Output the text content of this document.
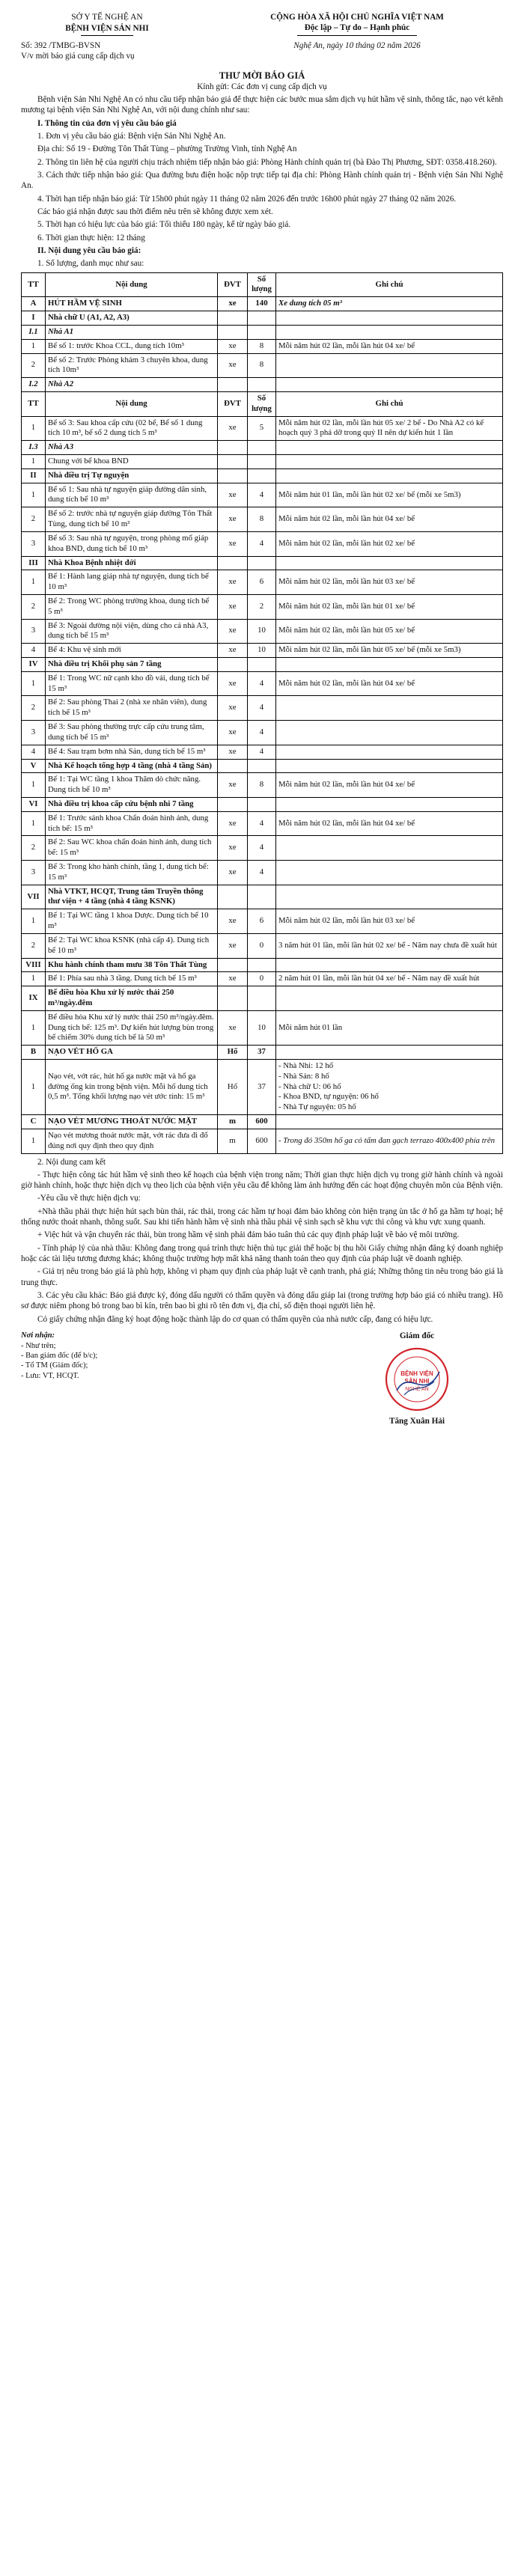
SỞ Y TẾ NGHỆ AN
BỆNH VIỆN SẢN NHI
CỘNG HÒA XÃ HỘI CHỦ NGHĨA VIỆT NAM
Độc lập – Tự do – Hạnh phúc
Số: 392 /TMBG-BVSN
V/v mời báo giá cung cấp dịch vụ
Nghệ An, ngày 10 tháng 02 năm 2026
THƯ MỜI BÁO GIÁ
Kính gửi: Các đơn vị cung cấp dịch vụ

Bệnh viện Sản Nhi Nghệ An có nhu cầu tiếp nhận báo giá để thực hiện các bước mua sắm dịch vụ hút hầm vệ sinh, thông tắc, nạo vét kênh mương tại bệnh viện Sản Nhi Nghệ An, với nội dung chính như sau:

I. Thông tin của đơn vị yêu cầu báo giá

1. Đơn vị yêu cầu báo giá: Bệnh viện Sản Nhi Nghệ An.

Địa chỉ: Số 19 - Đường Tôn Thất Tùng – phường Trường Vinh, tỉnh Nghệ An

2. Thông tin liên hệ của người chịu trách nhiệm tiếp nhận báo giá: Phòng Hành chính quản trị (bà Đào Thị Phương, SĐT: 0358.418.260).

3. Cách thức tiếp nhận báo giá: Qua đường bưu điện hoặc nộp trực tiếp tại địa chỉ: Phòng Hành chính quản trị - Bệnh viện Sản Nhi Nghệ An.

4. Thời hạn tiếp nhận báo giá: Từ 15h00 phút ngày 11 tháng 02 năm 2026 đến trước 16h00 phút ngày 27 tháng 02 năm 2026.

Các báo giá nhận được sau thời điểm nêu trên sẽ không được xem xét.

5. Thời hạn có hiệu lực của báo giá: Tối thiểu 180 ngày, kể từ ngày báo giá.

6. Thời gian thực hiện: 12 tháng

II. Nội dung yêu cầu báo giá:

1. Số lượng, danh mục như sau:

TT	Nội dung	ĐVT	Số lượng	Ghi chú
A	HÚT HẦM VỆ SINH	xe	140	Xe dung tích 05 m³
I	Nhà chữ U (A1, A2, A3)			
I.1	Nhà A1			
1	Bể số 1: trước Khoa CCL, dung tích 10m³	xe	8	Mỗi năm hút 02 lần, mỗi lần hút 04 xe/ bể
2	Bể số 2: Trước Phòng khám 3 chuyên khoa, dung tích 10m³	xe	8	
I.2	Nhà A2			
TT	Nội dung	ĐVT	Số lượng	Ghi chú
1	Bể số 3: Sau khoa cấp cứu (02 bể, Bể số 1 dung tích 10 m³, bể số 2 dung tích 5 m³	xe	5	Mỗi năm hút 02 lần, mỗi lần hút 05 xe/ 2 bể - Do Nhà A2 có kế hoạch quý 3 phá dỡ trong quý II nên dự kiến hút 1 lần
I.3	Nhà A3			
1	Chung với bể khoa BND			
II	Nhà điều trị Tự nguyện			
1	Bể số 1: Sau nhà tự nguyện giáp đường dân sinh, dung tích bể 10 m³	xe	4	Mỗi năm hút 01 lần, mỗi lần hút 02 xe/ bể (mỗi xe 5m3)
2	Bể số 2: trước nhà tự nguyện giáp đường Tôn Thất Tùng, dung tích bể 10 m³	xe	8	Mỗi năm hút 02 lần, mỗi lần hút 04 xe/ bể
3	Bể số 3: Sau nhà tự nguyện, trong phòng mổ giáp khoa BND, dung tích bể 10 m³	xe	4	Mỗi năm hút 02 lần, mỗi lần hút 02 xe/ bể
III	Nhà Khoa Bệnh nhiệt đới			
1	Bể 1: Hành lang giáp nhà tự nguyện, dung tích bể 10 m³	xe	6	Mỗi năm hút 02 lần, mỗi lần hút 03 xe/ bể
2	Bể 2: Trong WC phòng trường khoa, dung tích bể 5 m³	xe	2	Mỗi năm hút 02 lần, mỗi lần hút 01 xe/ bể
3	Bể 3: Ngoài đường nội viện, dùng cho cả nhà A3, dung tích bể 15 m³	xe	10	Mỗi năm hút 02 lần, mỗi lần hút 05 xe/ bể
4	Bể 4: Khu vệ sinh mới	xe	10	Mỗi năm hút 02 lần, mỗi lần hút 05 xe/ bể (mỗi xe 5m3)
IV	Nhà điều trị Khối phụ sản 7 tầng			
1	Bể 1: Trong WC nữ cạnh kho đồ vải, dung tích bể 15 m³	xe	4	Mỗi năm hút 02 lần, mỗi lần hút 04 xe/ bể
2	Bể 2: Sau phòng Thai 2 (nhà xe nhân viên), dung tích bể 15 m³	xe	4	
3	Bể 3: Sau phòng thường trực cấp cứu trung tâm, dung tích bể 15 m³	xe	4	
4	Bể 4: Sau trạm bơm nhà Sản, dung tích bể 15 m³	xe	4	
V	Nhà Kế hoạch tổng hợp 4 tầng (nhà 4 tầng Sản)			
1	Bể 1: Tại WC tầng 1 khoa Thăm dò chức năng. Dung tích bể 10 m³	xe	8	Mỗi năm hút 02 lần, mỗi lần hút 04 xe/ bể
VI	Nhà điều trị khoa cấp cứu bệnh nhi 7 tầng			
1	Bể 1: Trước sảnh khoa Chẩn đoán hình ảnh, dung tích bể: 15 m³	xe	4	Mỗi năm hút 02 lần, mỗi lần hút 04 xe/ bể
2	Bể 2: Sau WC khoa chẩn đoán hình ảnh, dung tích bể: 15 m³	xe	4	
3	Bể 3: Trong kho hành chính, tầng 1, dung tích bể: 15 m³	xe	4	
VII	Nhà VTKT, HCQT, Trung tâm Truyền thông thư viện + 4 tầng (nhà 4 tầng KSNK)			
1	Bể 1: Tại WC tầng 1 khoa Dược. Dung tích bể 10 m³	xe	6	Mỗi năm hút 02 lần, mỗi lần hút 03 xe/ bể
2	Bể 2: Tại WC khoa KSNK (nhà cấp 4). Dung tích bể 10 m³	xe	0	3 năm hút 01 lần, mỗi lần hút 02 xe/ bể - Năm nay chưa đề xuất hút
VIII	Khu hành chính tham mưu 38 Tôn Thất Tùng			
1	Bể 1: Phía sau nhà 3 tầng. Dung tích bể 15 m³	xe	0	2 năm hút 01 lần, mỗi lần hút 04 xe/ bể - Năm nay đề xuất hút
IX	Bể điều hòa Khu xử lý nước thải 250 m³/ngày.đêm			
1	Bể điều hòa Khu xử lý nước thải 250 m³/ngày.đêm. Dung tích bể: 125 m³. Dự kiến hút lượng bùn trong bể chiếm 30% dung tích bể là 50 m³	xe	10	Mỗi năm hút 01 lần
B	NẠO VÉT HỐ GA	Hố	37	
1	Nạo vét, vớt rác, hút hố ga nước mặt và hố ga đường ống kín trong bệnh viện. Mỗi hố dung tích 0,5 m³. Tổng khối lượng nạo vét ước tính: 15 m³	Hố	37	- Nhà Nhi: 12 hố
- Nhà Sản: 8 hố
- Nhà chữ U: 06 hố
- Khoa BND, tự nguyện: 06 hố
- Nhà Tự nguyện: 05 hố
C	NẠO VÉT MƯƠNG THOÁT NƯỚC MẶT	m	600	
1	Nạo vét mương thoát nước mặt, vớt rác đưa đi đổ đúng nơi quy định theo quy định	m	600	- Trong đó 350m hố ga có tấm đan gạch terrazo 400x400 phía trên

2. Nội dung cam kết

- Thực hiện công tác hút hầm vệ sinh theo kế hoạch của bệnh viện trong năm; Thời gian thực hiện dịch vụ trong giờ hành chính và ngoài giờ hành chính, hoặc thực hiện dịch vụ theo lịch của bệnh viện yêu cầu để không làm ảnh hưởng đến các hoạt động chuyên môn của Bệnh viện.

-Yêu cầu về thực hiện dịch vụ:

+Nhà thầu phải thực hiện hút sạch bùn thải, rác thải, trong các hầm tự hoại đảm bảo không còn hiện trạng ùn tắc ở hố ga hầm tự hoại; hệ thống nước thoát nhanh, thông suốt. Sau khi tiến hành hầm vệ sinh nhà thầu phải vệ sinh sạch sẽ khu vực thi công và khu vực xung quanh.

+ Việc hút và vận chuyển rác thải, bùn trong hầm vệ sinh phải đảm bảo tuân thủ các quy định pháp luật về bảo vệ môi trường.

- Tính pháp lý của nhà thầu: Không đang trong quá trình thực hiện thủ tục giải thể hoặc bị thu hồi Giấy chứng nhận đăng ký doanh nghiệp hoặc các tài liệu tương đương khác; không thuộc trường hợp mất khả năng thanh toán theo quy định của pháp luật về doanh nghiệp.

- Giá trị nêu trong báo giá là phù hợp, không vi phạm quy định của pháp luật về cạnh tranh, phá giá; Những thông tin nêu trong báo giá là trung thực.

3. Các yêu cầu khác: Báo giá được ký, đóng dấu người có thẩm quyền và đóng dấu giáp lai (trong trường hợp báo giá có nhiều trang). Hồ sơ được niêm phong bỏ trong bao bì kín, trên bao bì ghi rõ tên đơn vị, địa chỉ, số điện thoại người liên hệ.

Có giấy chứng nhận đăng ký hoạt động hoặc thành lập do cơ quan có thẩm quyền của nhà nước cấp, đang có hiệu lực.

Nơi nhận:
- Như trên;
- Ban giám đốc (để b/c);
- Tổ TM (Giám đốc);
- Lưu: VT, HCQT.
Giám đốc
BỆNH VIỆN
SẢN NHI
NGHỆ AN
Tăng Xuân Hải
